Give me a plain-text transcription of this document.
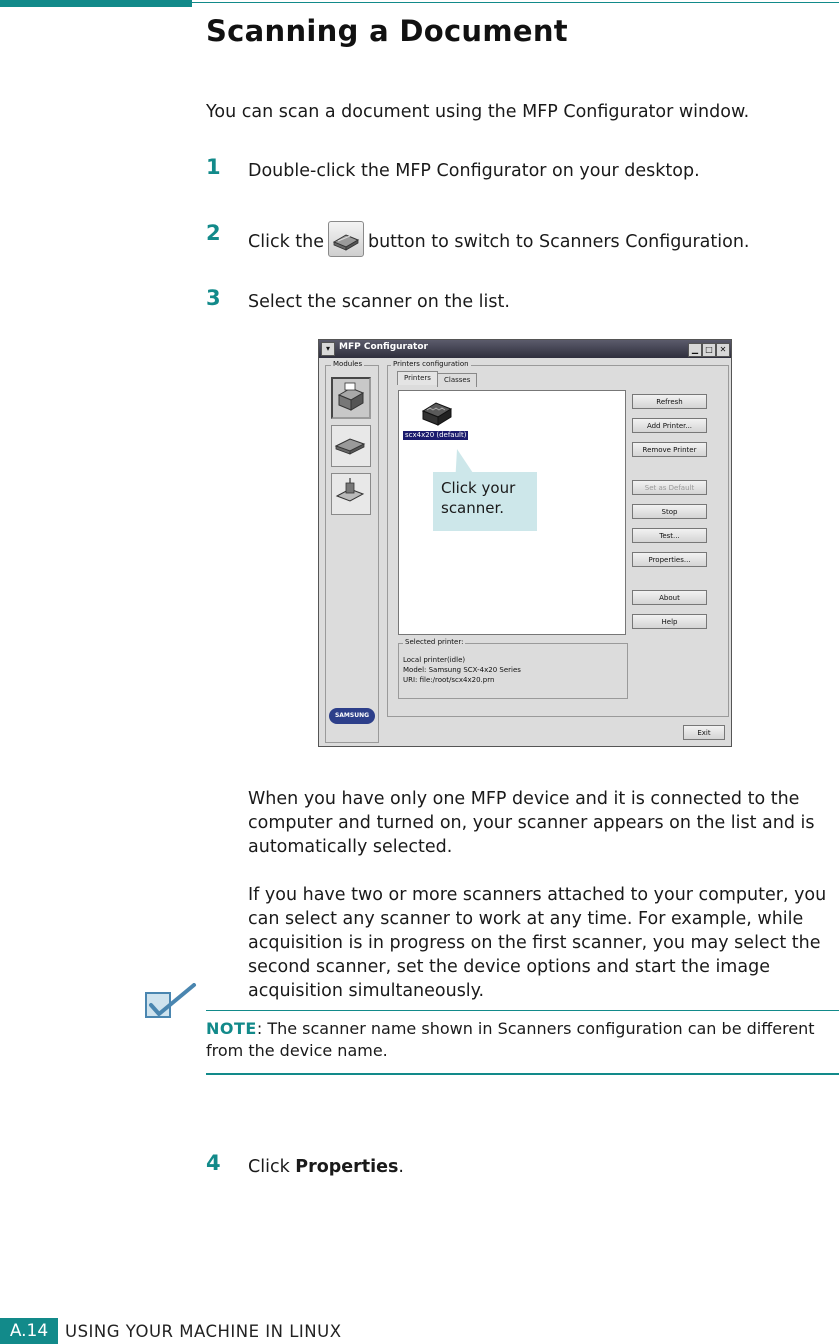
Scanning a Document
You can scan a document using the MFP Configurator window.
1 Double-click the MFP Configurator on your desktop.
2 Click the	button to switch to Scanners Configuration.
3 Select the scanner on the list.
▾	MFP Configurator	▁ □ ✕
Modules
SAMSUNG
Printers configuration
Printers	Classes
scx4x20 (default)
Click your scanner.
Refresh
Add Printer...
Remove Printer
Set as Default
Stop
Test...
Properties...
About
Help
Selected printer:
Local printer(idle)
Model: Samsung SCX-4x20 Series
URI: file:/root/scx4x20.prn
Exit
When you have only one MFP device and it is connected to the computer and turned on, your scanner appears on the list and is automatically selected.
If you have two or more scanners attached to your computer, you can select any scanner to work at any time. For example, while acquisition is in progress on the first scanner, you may select the second scanner, set the device options and start the image acquisition simultaneously.
NOTE: The scanner name shown in Scanners configuration can be different from the device name.
4 Click Properties.
A.14	USING YOUR MACHINE IN LINUX
